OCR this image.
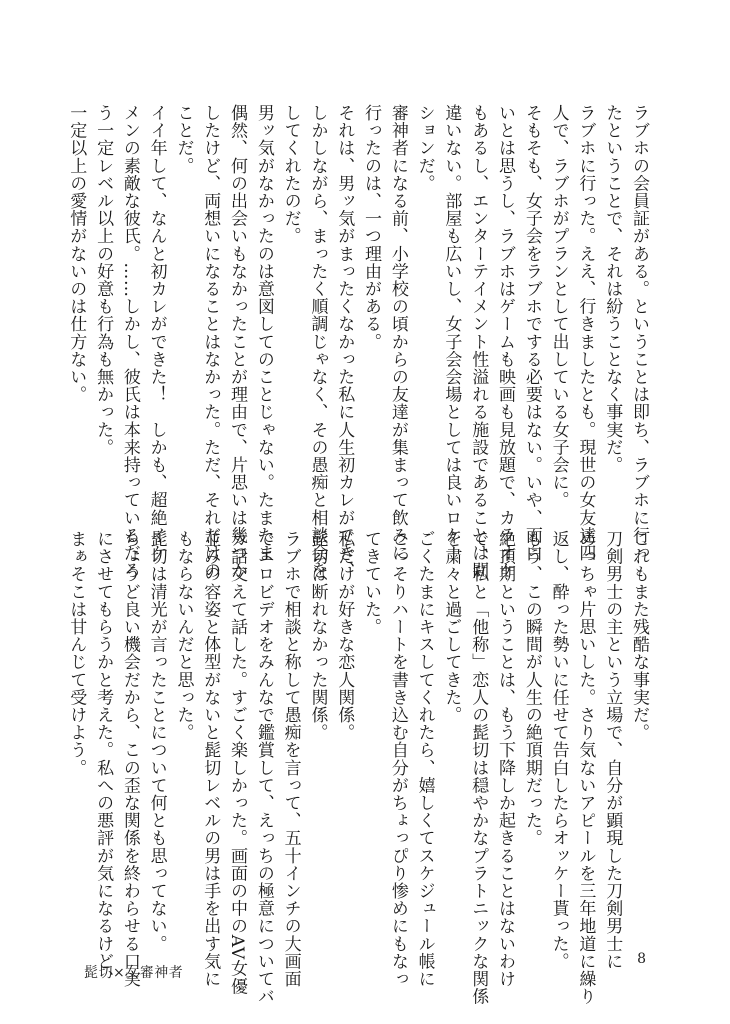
ラブホの会員証がある。ということは即ち、ラブホに行っ
たということで、それは紛うことなく事実だ。
ラブホに行った。ええ、行きましたとも。現世の女友達四
人で、ラブホがプランとして出している女子会に。
そもそも、女子会をラブホでする必要はない。いや、面白
いとは思うし、ラブホはゲームも映画も見放題で、カラオケ
もあるし、エンターテイメント性溢れる施設であることは間
違いない。部屋も広いし、女子会会場としては良いロケー
ションだ。
審神者になる前、小学校の頃からの友達が集まって飲みに
行ったのは、一つ理由がある。
それは、男ッ気がまったくなかった私に人生初カレができ、
しかしながら、まったく順調じゃなく、その愚痴と相談会を
してくれたのだ。
男ッ気がなかったのは意図してのことじゃない。たまたま
偶然、何の出会いもなかったことが理由で、片思いは幾つか
したけど、両想いになることはなかった。ただ、それだけの
ことだ。
イイ年して、なんと初カレができた！　しかも、超絶イケ
メンの素敵な彼氏。……しかし、彼氏は本来持っているだろ
う一定レベル以上の好意も行為も無かった。
一定以上の愛情がないのは仕方ない。
これもまた残酷な事実だ。
刀剣男士の主という立場で、自分が顕現した刀剣男士に
めっちゃ片思いした。さり気ないアピールを三年地道に繰り
返し、酔った勢いに任せて告白したらオッケー貰った。
もう、この瞬間が人生の絶頂期だった。
絶頂期ということは、もう下降しか起きることはないわけ
で、私と「他称」恋人の髭切は穏やかなプラトニックな関係
を粛々と過ごしてきた。
ごくたまにキスしてくれたら、嬉しくてスケジュール帳に
こっそりハートを書き込む自分がちょっぴり惨めにもなっ
てきていた。
私だけが好きな恋人関係。
髭切は断れなかった関係。
ラブホで相談と称して愚痴を言って、五十インチの大画面
でエロビデオをみんなで鑑賞して、えっちの極意についてバ
カ話交えて話した。すごく楽しかった。画面の中のAV女優
並みの容姿と体型がないと髭切レベルの男は手を出す気に
もならないんだと思った。
髭切は清光が言ったことについて何とも思ってない。
ちょうど良い機会だから、この歪な関係を終わらせる口実
にさせてもらうかと考えた。私への悪評が気になるけど、
まぁそこは甘んじて受けよう。
髭切×女審神者
8
